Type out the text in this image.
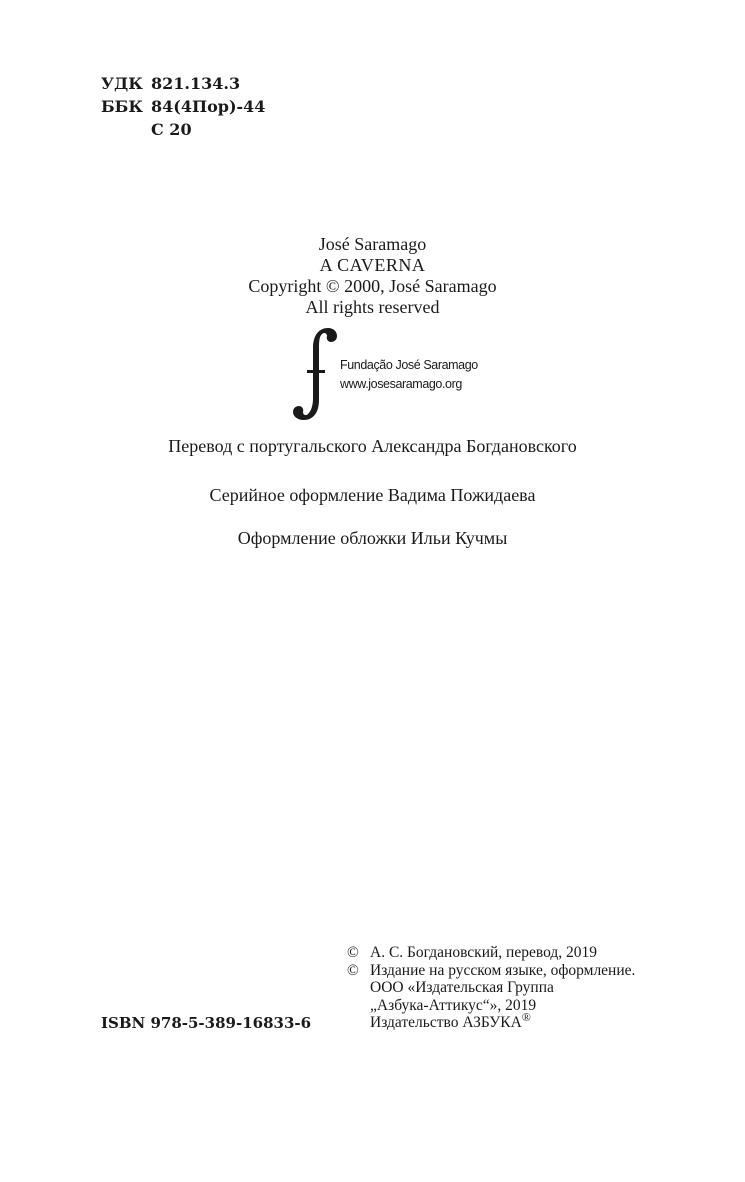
УДК 821.134.3
ББК 84(4Пор)-44
С 20
José Saramago
A CAVERNA
Copyright © 2000, José Saramago
All rights reserved
Fundação José Saramago
www.josesaramago.org
Перевод с португальского Александра Богдановского
Серийное оформление Вадима Пожидаева
Оформление обложки Ильи Кучмы
© А. С. Богдановский, перевод, 2019
© Издание на русском языке, оформление.
ООО «Издательская Группа
„Азбука-Аттикус“», 2019
Издательство АЗБУКА®
ISBN 978-5-389-16833-6
